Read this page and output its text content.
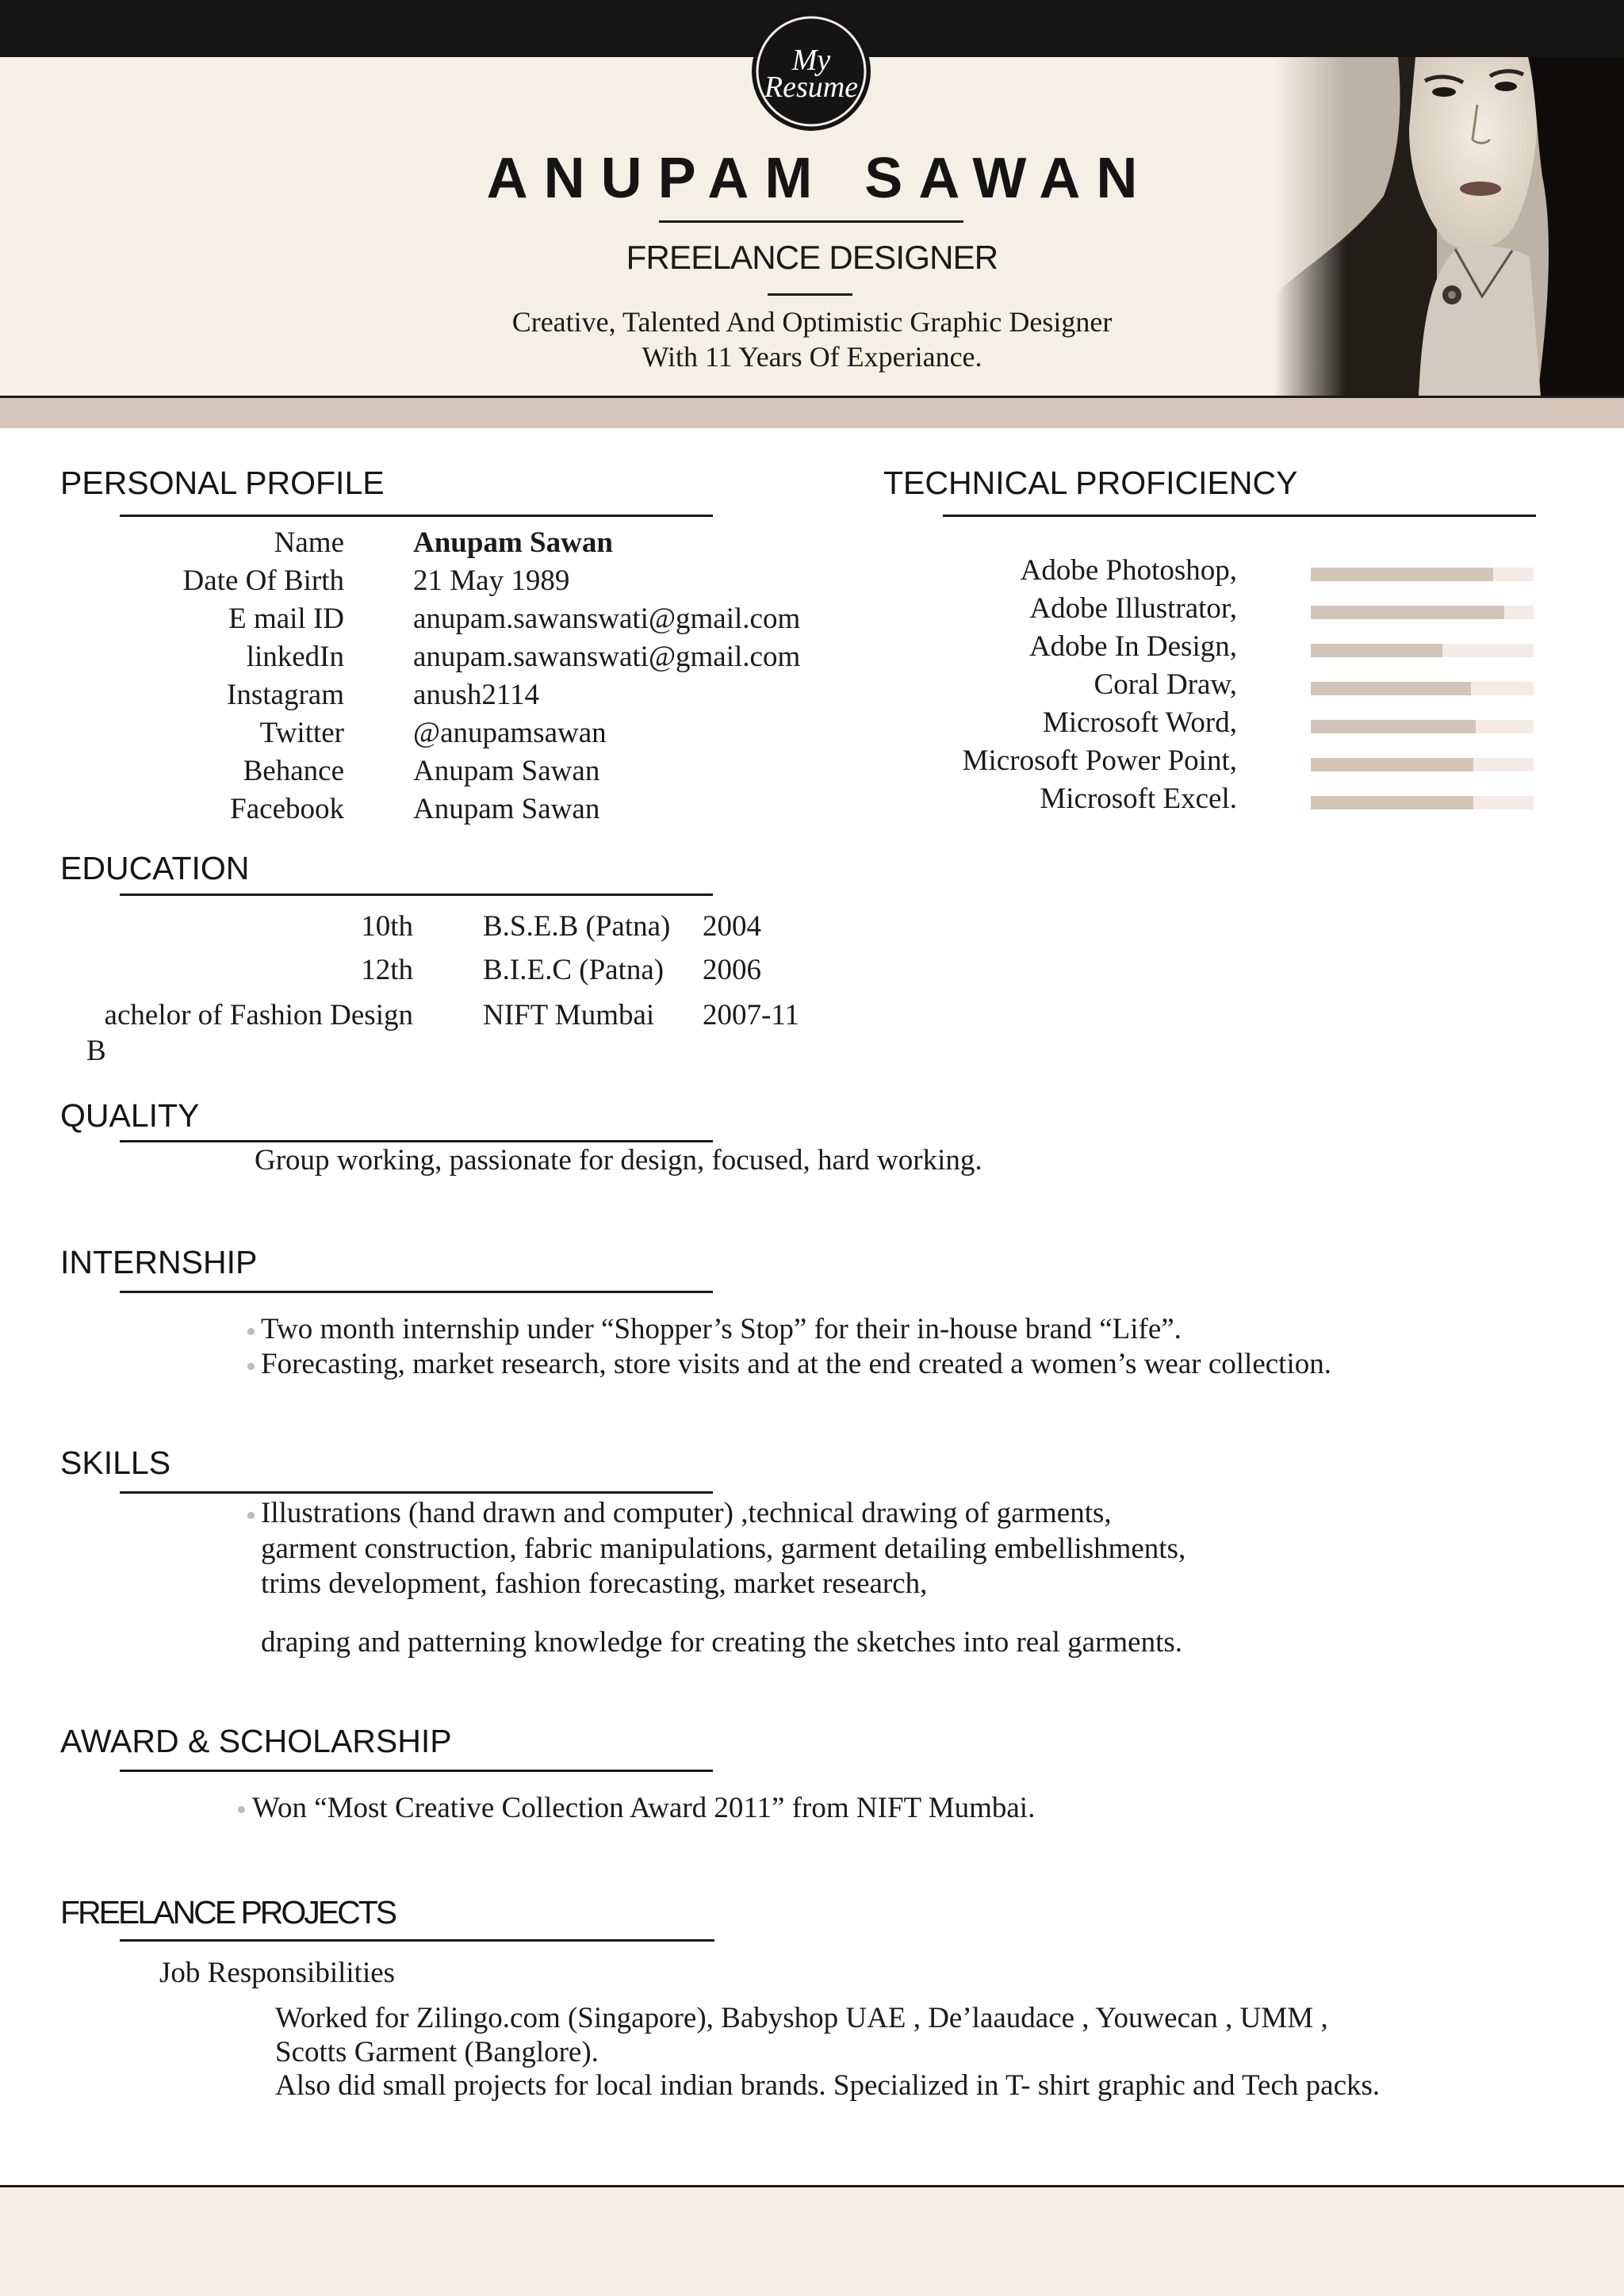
My
Resume
ANUPAM SAWAN
FREELANCE DESIGNER
Creative, Talented And Optimistic Graphic Designer
With 11 Years Of Experiance.
PERSONAL PROFILE
Name Anupam Sawan
Date Of Birth 21 May 1989
E mail ID anupam.sawanswati@gmail.com
linkedIn anupam.sawanswati@gmail.com
Instagram anush2114
Twitter @anupamsawan
Behance Anupam Sawan
Facebook Anupam Sawan
TECHNICAL PROFICIENCY
Adobe Photoshop,
Adobe Illustrator,
Adobe In Design,
Coral Draw,
Microsoft Word,
Microsoft Power Point,
Microsoft Excel.
EDUCATION
10th B.S.E.B (Patna) 2004
12th B.I.E.C (Patna) 2006
achelor of Fashion Design NIFT Mumbai 2007-11
B
QUALITY
Group working, passionate for design, focused, hard working.
INTERNSHIP
Two month internship under “Shopper’s Stop” for their in-house brand “Life”.
Forecasting, market research, store visits and at the end created a women’s wear collection.
SKILLS
Illustrations (hand drawn and computer) ,technical drawing of garments,
garment construction, fabric manipulations, garment detailing embellishments,
trims development, fashion forecasting, market research,
draping and patterning knowledge for creating the sketches into real garments.
AWARD & SCHOLARSHIP
Won “Most Creative Collection Award 2011” from NIFT Mumbai.
FREELANCE PROJECTS
Job Responsibilities
Worked for Zilingo.com (Singapore), Babyshop UAE , De’laaudace , Youwecan , UMM ,
Scotts Garment (Banglore).
Also did small projects for local indian brands. Specialized in T- shirt graphic and Tech packs.
